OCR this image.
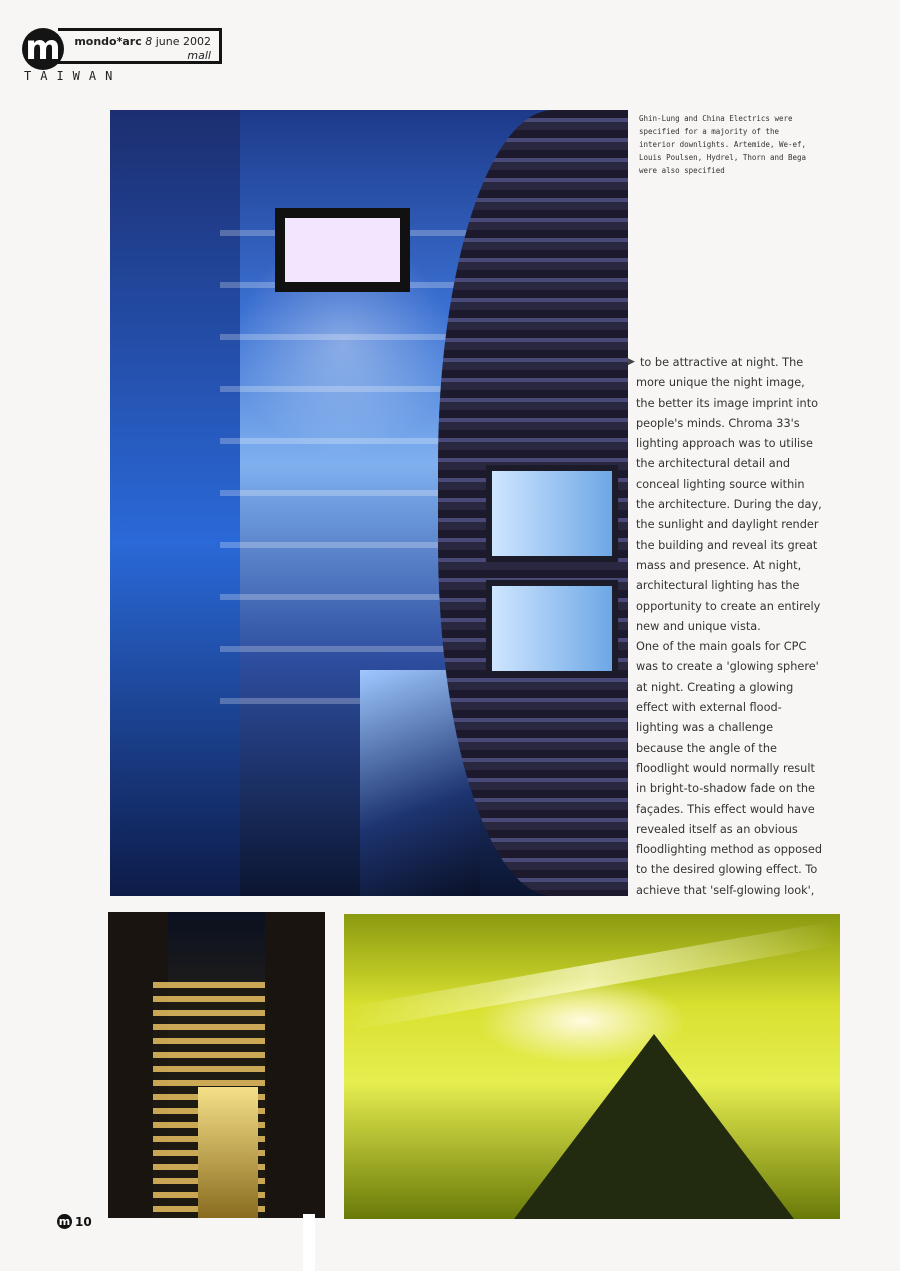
m mondo*arc 8 june 2002
mall
TAIWAN
Ghin-Lung and China Electrics were specified for a majority of the interior downlights. Artemide, We-ef, Louis Poulsen, Hydrel, Thorn and Bega were also specified
▶ to be attractive at night. The more unique the night image, the better its image imprint into people's minds. Chroma 33's lighting approach was to utilise the architectural detail and conceal lighting source within the architecture. During the day, the sunlight and daylight render the building and reveal its great mass and presence. At night, architectural lighting has the opportunity to create an entirely new and unique vista.

One of the main goals for CPC was to create a 'glowing sphere' at night. Creating a glowing effect with external flood-lighting was a challenge because the angle of the floodlight would normally result in bright-to-shadow fade on the façades. This effect would have revealed itself as an obvious floodlighting method as opposed to the desired glowing effect. To achieve that 'self-glowing look',

m 10
